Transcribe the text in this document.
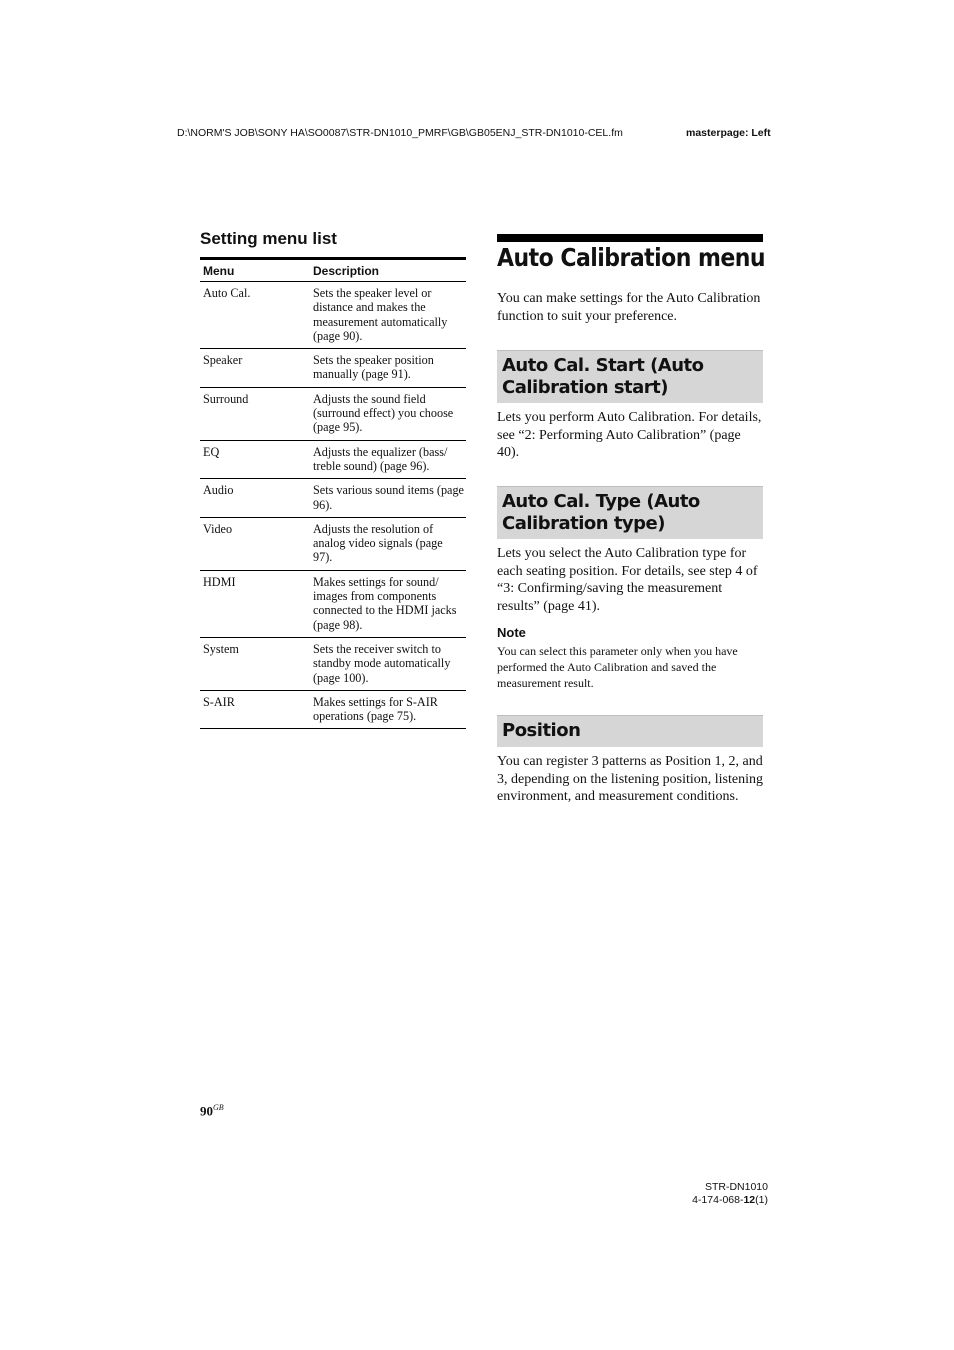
D:\NORM'S JOB\SONY HA\SO0087\STR-DN1010_PMRF\GB\GB05ENJ_STR-DN1010-CEL.fm	masterpage: Left
Setting menu list
Menu	Description
Auto Cal.	Sets the speaker level or distance and makes the measurement automatically (page 90).
Speaker	Sets the speaker position manually (page 91).
Surround	Adjusts the sound field (surround effect) you choose (page 95).
EQ	Adjusts the equalizer (bass/ treble sound) (page 96).
Audio	Sets various sound items (page 96).
Video	Adjusts the resolution of analog video signals (page 97).
HDMI	Makes settings for sound/ images from components connected to the HDMI jacks (page 98).
System	Sets the receiver switch to standby mode automatically (page 100).
S-AIR	Makes settings for S-AIR operations (page 75).
Auto Calibration menu
You can make settings for the Auto Calibration function to suit your preference.
Auto Cal. Start (Auto Calibration start)
Lets you perform Auto Calibration. For details, see “2: Performing Auto Calibration” (page 40).
Auto Cal. Type (Auto Calibration type)
Lets you select the Auto Calibration type for each seating position. For details, see step 4 of “3: Confirming/saving the measurement results” (page 41).
Note
You can select this parameter only when you have performed the Auto Calibration and saved the measurement result.
Position
You can register 3 patterns as Position 1, 2, and 3, depending on the listening position, listening environment, and measurement conditions.
$90^{GB}$
STR-DN1010
4-174-068-12(1)
